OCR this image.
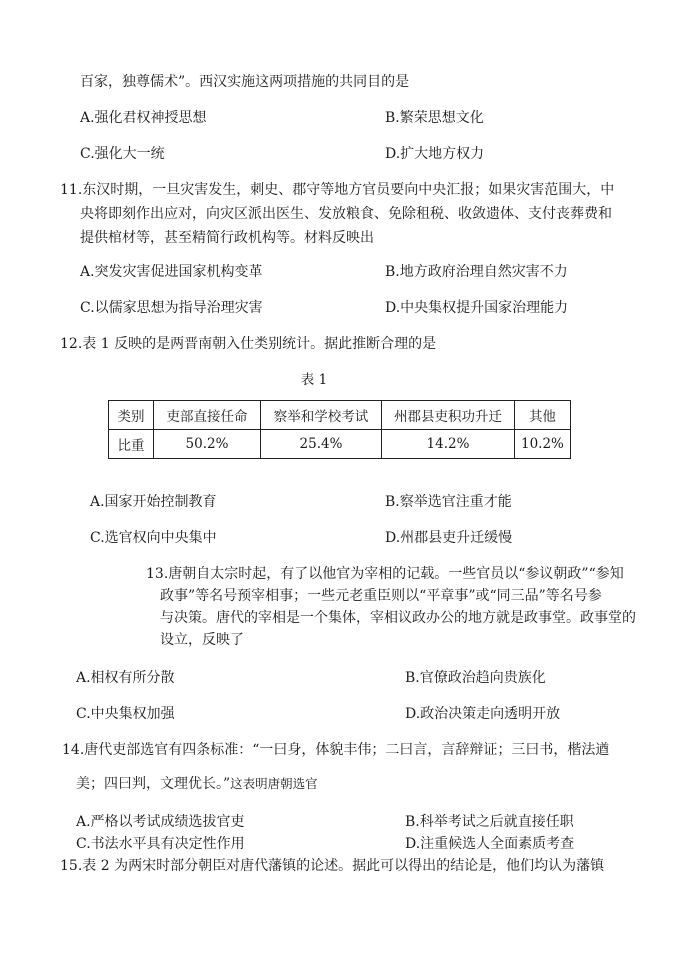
百家，独尊儒术”。西汉实施这两项措施的共同目的是
A.强化君权神授思想	B.繁荣思想文化
C.强化大一统	D.扩大地方权力
11.东汉时期，一旦灾害发生，刺史、郡守等地方官员要向中央汇报；如果灾害范围大，中
央将即刻作出应对，向灾区派出医生、发放粮食、免除租税、收敛遗体、支付丧葬费和
提供棺材等，甚至精简行政机构等。材料反映出
A.突发灾害促进国家机构变革	B.地方政府治理自然灾害不力
C.以儒家思想为指导治理灾害	D.中央集权提升国家治理能力
12.表 1 反映的是两晋南朝入仕类别统计。据此推断合理的是
表 1
类别	吏部直接任命	察举和学校考试	州郡县吏积功升迁	其他
比重	50.2%	25.4%	14.2%	10.2%
A.国家开始控制教育	B.察举选官注重才能
C.选官权向中央集中	D.州郡县吏升迁缓慢
13.唐朝自太宗时起，有了以他官为宰相的记载。一些官员以“参议朝政”“参知
政事”等名号预宰相事；一些元老重臣则以“平章事”或“同三品”等名号参
与决策。唐代的宰相是一个集体，宰相议政办公的地方就是政事堂。政事堂的
设立，反映了
A.相权有所分散	B.官僚政治趋向贵族化
C.中央集权加强	D.政治决策走向透明开放
14.唐代吏部选官有四条标准：“一曰身，体貌丰伟；二曰言，言辞辩证；三曰书，楷法遒
美；四曰判，文理优长。”这表明唐朝选官
A.严格以考试成绩选拔官吏	B.科举考试之后就直接任职
C.书法水平具有决定性作用	D.注重候选人全面素质考查
15.表 2 为两宋时部分朝臣对唐代藩镇的论述。据此可以得出的结论是，他们均认为藩镇
